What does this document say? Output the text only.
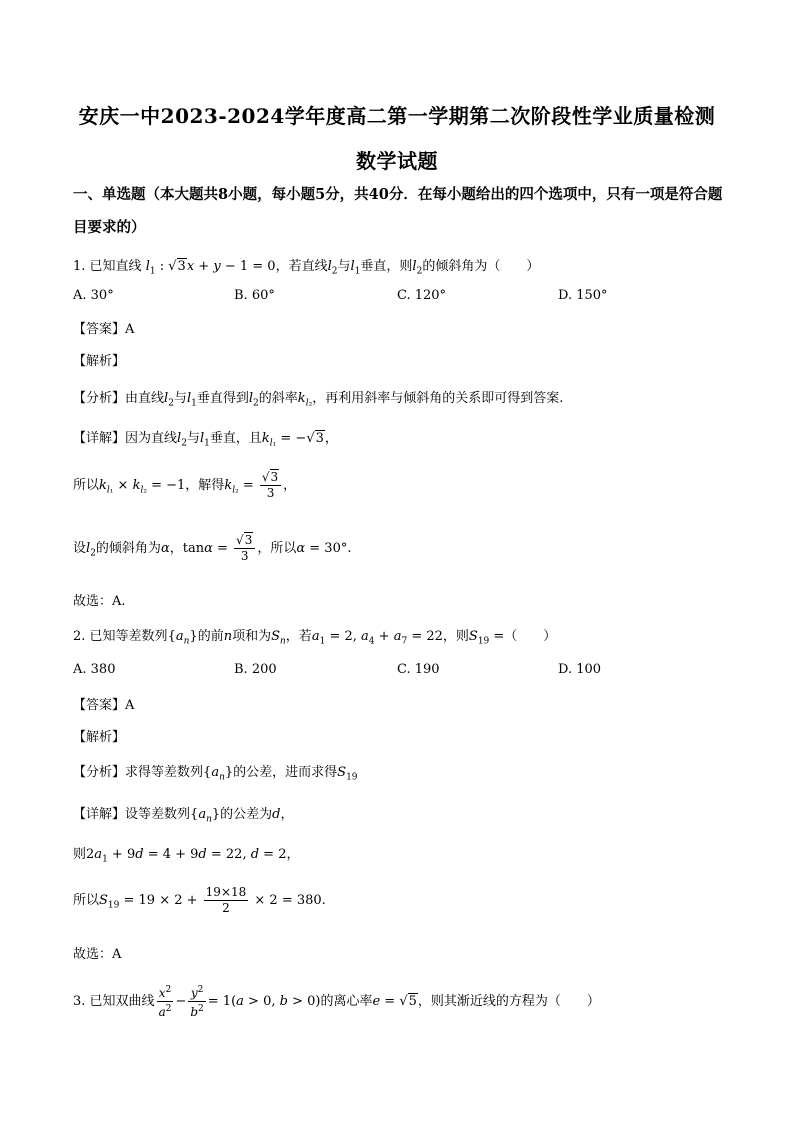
安庆一中2023-2024学年度高二第一学期第二次阶段性学业质量检测
数学试题
一、单选题（本大题共8小题，每小题5分，共40分．在每小题给出的四个选项中，只有一项是符合题目要求的）
1. 已知直线 $l_1$ : √3x + y − 1 = 0，若直线$l_2$与$l_1$垂直，则$l_2$的倾斜角为（　　）
A. 30°	B. 60°	C. 120°	D. 150°
【答案】A
【解析】
【分析】由直线$l_2$与$l_1$垂直得到$l_2$的斜率$k_{l_2}$，再利用斜率与倾斜角的关系即可得到答案.
【详解】因为直线$l_2$与$l_1$垂直，且$k_{l_1} = -√3$，
所以$k_{l_1} \times k_{l_2} = -1$，解得$k_{l_2} = \frac{√3}{3}$ ，
设$l_2$的倾斜角为α，$\tan\alpha = \frac{√3}{3}$ ，所以α = 30°.
故选：A.
2. 已知等差数列$\{a_n\}$的前n项和为$S_n$，若$a_1 = 2$, $a_4 + a_7 = 22$，则$S_{19}$ =（　　）
A. 380	B. 200	C. 190	D. 100
【答案】A
【解析】
【分析】求得等差数列$\{a_n\}$的公差，进而求得$S_{19}$
【详解】设等差数列$\{a_n\}$的公差为d，
则$2a_1 + 9d = 4 + 9d = 22$, d = 2，
所以$S_{19} = 19 \times 2 + \frac{19\times 18}{2} \times 2 = 380$.
故选：A
3. 已知双曲线 $\frac{x^2}{a^2} - \frac{y^2}{b^2} = 1(a > 0$, b > 0)的离心率e = √5，则其渐近线的方程为（　　）
